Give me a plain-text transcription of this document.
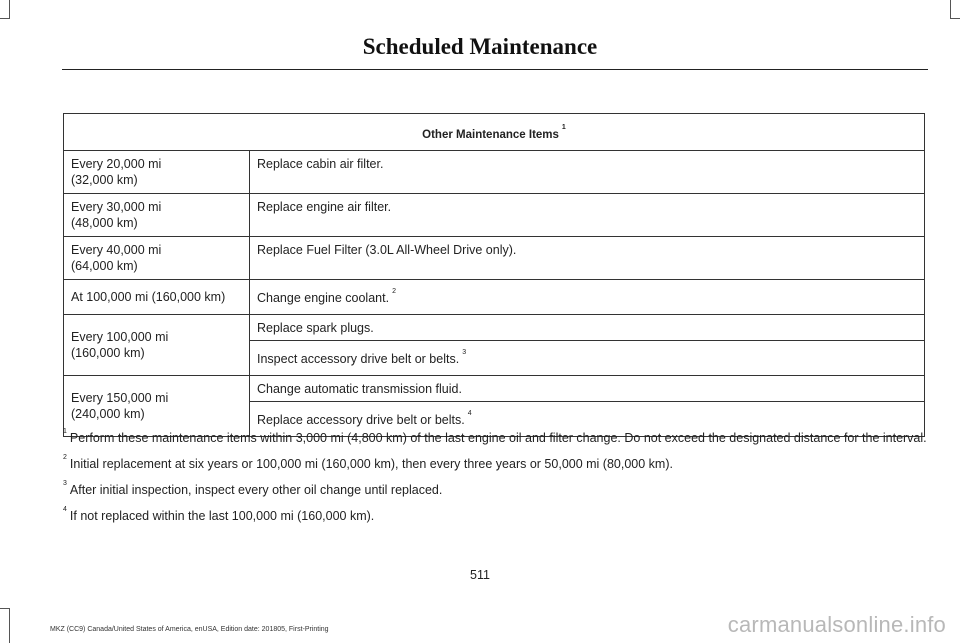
Scheduled Maintenance
Other Maintenance Items$^1$
Every 20,000 mi
(32,000 km)	Replace cabin air filter.
Every 30,000 mi
(48,000 km)	Replace engine air filter.
Every 40,000 mi
(64,000 km)	Replace Fuel Filter (3.0L All-Wheel Drive only).
At 100,000 mi (160,000 km)	Change engine coolant. $^2$
Every 100,000 mi
(160,000 km)	Replace spark plugs.
	Inspect accessory drive belt or belts. $^3$
Every 150,000 mi
(240,000 km)	Change automatic transmission fluid.
	Replace accessory drive belt or belts. $^4$
$^1$ Perform these maintenance items within 3,000 mi (4,800 km) of the last engine oil and filter change. Do not exceed the designated distance for the interval.
$^2$ Initial replacement at six years or 100,000 mi (160,000 km), then every three years or 50,000 mi (80,000 km).
$^3$ After initial inspection, inspect every other oil change until replaced.
$^4$ If not replaced within the last 100,000 mi (160,000 km).
511
MKZ (CC9) Canada/United States of America, enUSA, Edition date: 201805, First-Printing	carmanualsonline.info
